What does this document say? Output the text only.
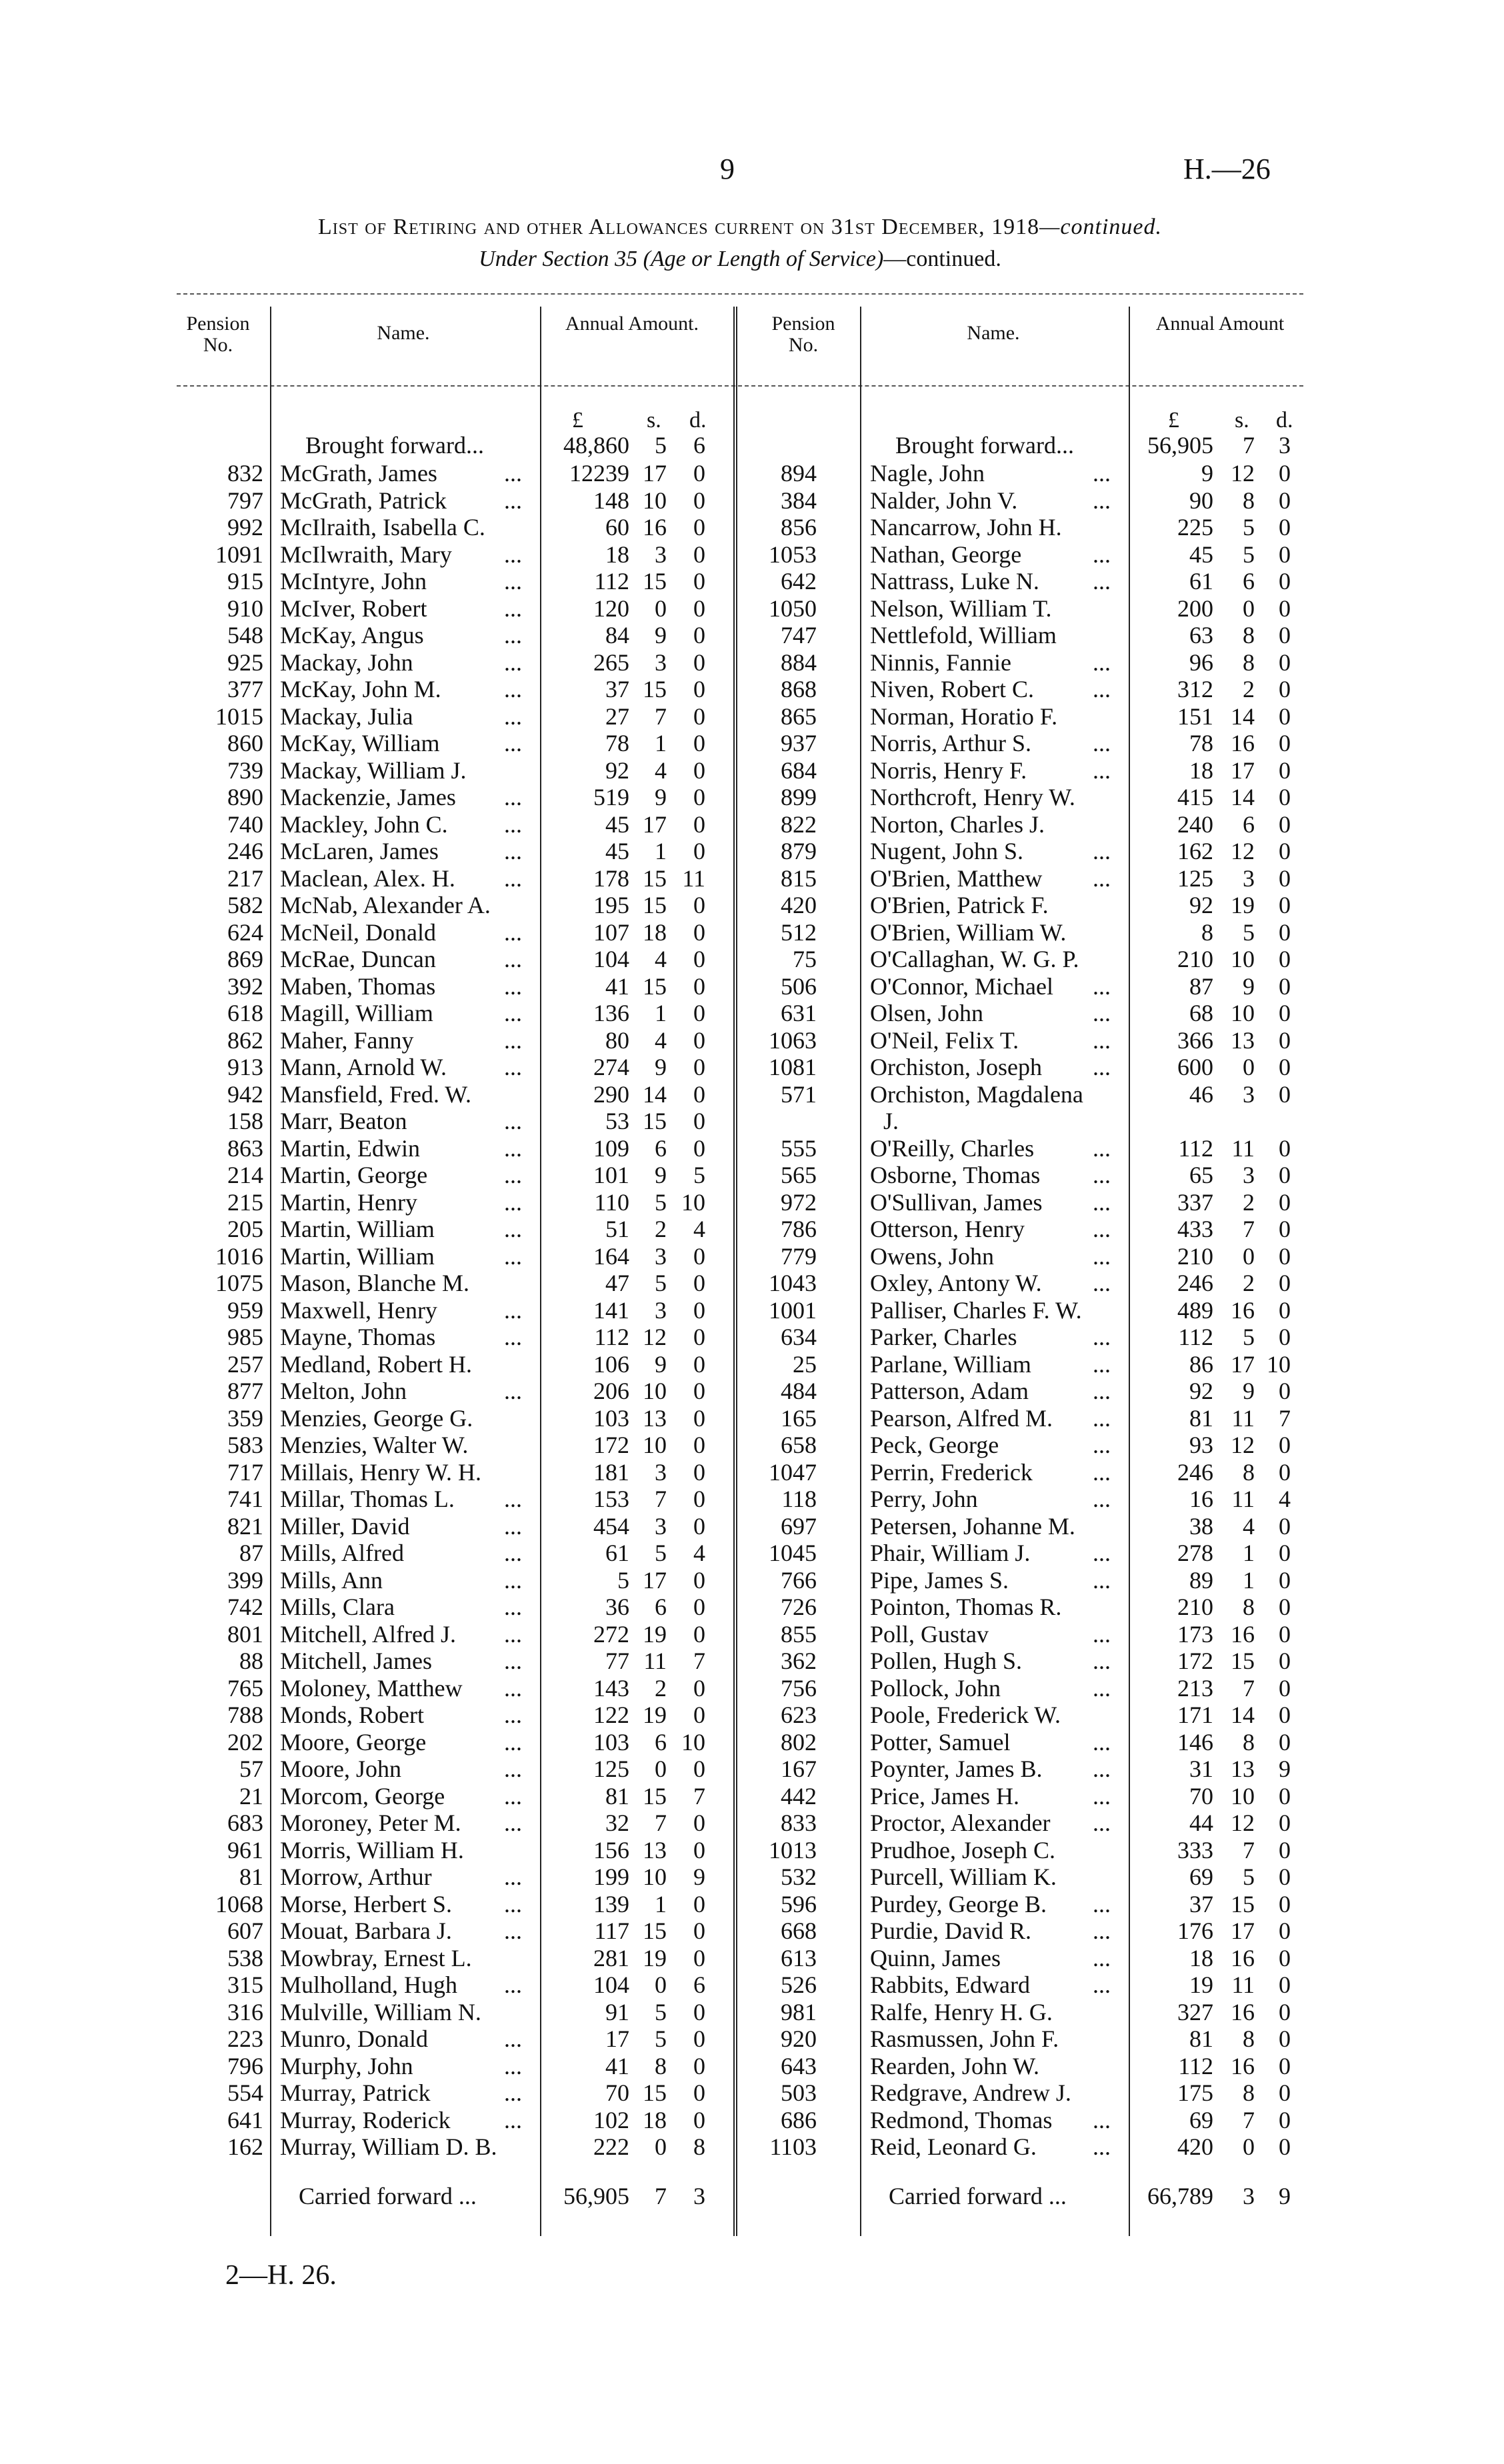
9	H.—26
List of Retiring and other Allowances current on 31st December, 1918—continued.
Under Section 35 (Age or Length of Service)—continued.
Pension No.
Name.	Annual Amount.	Pension No.
Name.	Annual Amount
£	s. d.	£ s. d.
Brought forward...	48,860	5	6
832 McGrath, James	...	12239 17	0
797 McGrath, Patrick ...	148 10	0
992 McIlraith, Isabella C.	60 16	0
1091 McIlwraith, Mary ...	18	3	0
915 McIntyre, John	...	112 15	0
910 McIver, Robert	...	120	0	0
548 McKay, Angus	...	84	9	0
925 Mackay, John	...	265	3	0
377 McKay, John M.	...	37 15	0
1015 Mackay, Julia	...	27	7	0
860 McKay, William	...	78	1	0
739 Mackay, William J.	92	4	0
890 Mackenzie, James ...	519	9	0
740 Mackley, John C. ...	45 17	0
246 McLaren, James	...	45	1	0
217 Maclean, Alex. H. ...	178 15 11
582 McNab, Alexander A.	195 15	0
624 McNeil, Donald	...	107 18	0
869 McRae, Duncan	...	104	4	0
392 Maben, Thomas	...	41 15	0
618 Magill, William	...	136	1	0
862 Maher, Fanny	...	80	4	0
913 Mann, Arnold W. ...	274	9	0
942 Mansfield, Fred. W.	290 14	0
158 Marr, Beaton	...	53 15	0
863 Martin, Edwin	...	109	6	0
214 Martin, George	...	101	9	5
215 Martin, Henry	...	110	5 10
205 Martin, William	...	51	2	4
1016 Martin, William	...	164	3	0
1075 Mason, Blanche M.	47	5	0
959 Maxwell, Henry	...	141	3	0
985 Mayne, Thomas	...	112 12	0
257 Medland, Robert H.	106	9	0
877 Melton, John	...	206 10	0
359 Menzies, George G.	103 13	0
583 Menzies, Walter W.	172 10	0
717 Millais, Henry W. H.	181	3	0
741 Millar, Thomas L. ...	153	7	0
821 Miller, David	...	454	3	0
87 Mills, Alfred	...	61	5	4
399 Mills, Ann	...	5 17	0
742 Mills, Clara	...	36	6	0
801 Mitchell, Alfred J. ...	272 19	0
88 Mitchell, James	...	77 11	7
765 Moloney, Matthew ...	143	2	0
788 Monds, Robert	...	122 19	0
202 Moore, George	...	103	6 10
57 Moore, John	...	125	0	0
21 Morcom, George ...	81 15	7
683 Moroney, Peter M. ...	32	7	0
961 Morris, William H.	156 13	0
81 Morrow, Arthur	...	199 10	9
1068 Morse, Herbert S. ...	139	1	0
607 Mouat, Barbara J. ...	117 15	0
538 Mowbray, Ernest L.	281 19	0
315 Mulholland, Hugh ...	104	0	6
316 Mulville, William N.	91	5	0
223 Munro, Donald	...	17	5	0
796 Murphy, John	...	41	8	0
554 Murray, Patrick	...	70 15	0
641 Murray, Roderick ...	102 18	0
162 Murray, William D. B.	222	0	8
Carried forward ...	56,905	7	3
Brought forward...	56,905	7	3
894 Nagle, John	...	9 12	0
384 Nalder, John V.	...	90	8	0
856 Nancarrow, John H.	225	5	0
1053 Nathan, George	...	45	5	0
642 Nattrass, Luke N. ...	61	6	0
1050 Nelson, William T.	200	0	0
747 Nettlefold, William	63	8	0
884 Ninnis, Fannie	...	96	8	0
868 Niven, Robert C. ...	312	2	0
865 Norman, Horatio F.	151 14	0
937 Norris, Arthur S.	...	78 16	0
684 Norris, Henry F.	...	18 17	0
899 Northcroft, Henry W.	415 14	0
822 Norton, Charles J.	240	6	0
879 Nugent, John S.	...	162 12	0
815 O'Brien, Matthew ...	125	3	0
420 O'Brien, Patrick F.	92 19	0
512 O'Brien, William W.	8	5	0
75 O'Callaghan, W. G. P.	210 10	0
506 O'Connor, Michael ...	87	9	0
631 Olsen, John	...	68 10	0
1063 O'Neil, Felix T.	...	366 13	0
1081 Orchiston, Joseph ...	600	0	0
571 Orchiston, Magdalena	46	3	0
J.
555 O'Reilly, Charles ...	112 11	0
565 Osborne, Thomas ...	65	3	0
972 O'Sullivan, James ...	337	2	0
786 Otterson, Henry	...	433	7	0
779 Owens, John	...	210	0	0
1043 Oxley, Antony W. ...	246	2	0
1001 Palliser, Charles F. W.	489 16	0
634 Parker, Charles	...	112	5	0
25 Parlane, William	...	86 17 10
484 Patterson, Adam	...	92	9	0
165 Pearson, Alfred M. ...	81 11	7
658 Peck, George	...	93 12	0
1047 Perrin, Frederick	...	246	8	0
118 Perry, John	...	16 11	4
697 Petersen, Johanne M.	38	4	0
1045 Phair, William J.	...	278	1	0
766 Pipe, James S.	...	89	1	0
726 Pointon, Thomas R.	210	8	0
855 Poll, Gustav	...	173 16	0
362 Pollen, Hugh S.	...	172 15	0
756 Pollock, John	...	213	7	0
623 Poole, Frederick W.	171 14	0
802 Potter, Samuel	...	146	8	0
167 Poynter, James B. ...	31 13	9
442 Price, James H.	...	70 10	0
833 Proctor, Alexander ...	44 12	0
1013 Prudhoe, Joseph C.	333	7	0
532 Purcell, William K.	69	5	0
596 Purdey, George B. ...	37 15	0
668 Purdie, David R.	...	176 17	0
613 Quinn, James	...	18 16	0
526 Rabbits, Edward	...	19 11	0
981 Ralfe, Henry H. G.	327 16	0
920 Rasmussen, John F.	81	8	0
643 Rearden, John W.	112 16	0
503 Redgrave, Andrew J.	175	8	0
686 Redmond, Thomas ...	69	7	0
1103 Reid, Leonard G. ...	420	0	0
Carried forward ...	66,789	3	9
2—H. 26.
